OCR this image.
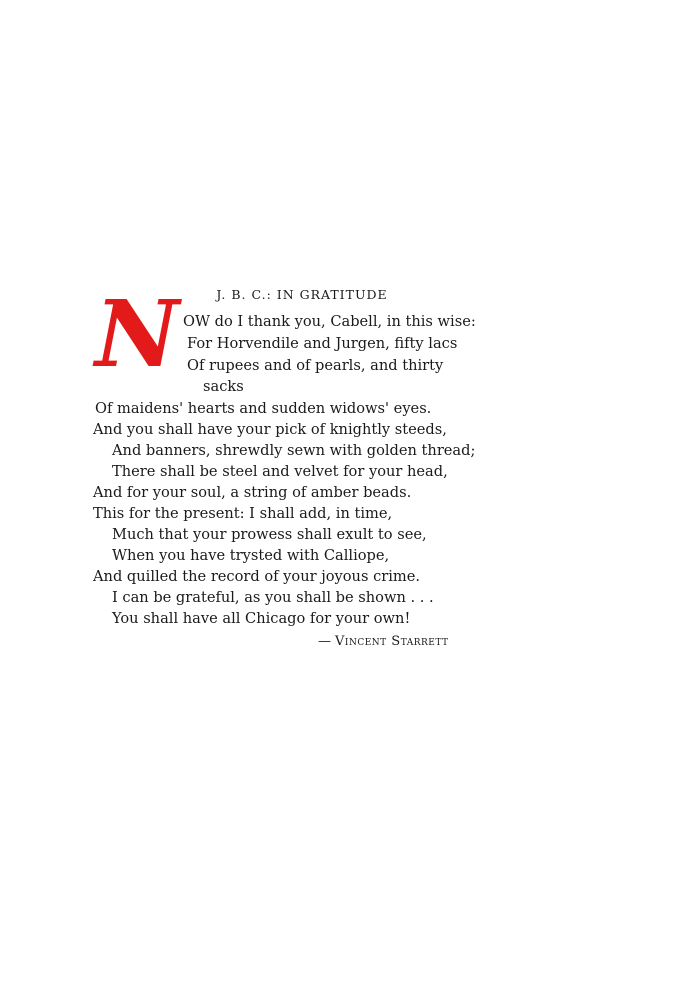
J. B. C.: IN GRATITUDE
N OW do I thank you, Cabell, in this wise:
For Horvendile and Jurgen, fifty lacs
Of rupees and of pearls, and thirty
sacks
Of maidens' hearts and sudden widows' eyes.
And you shall have your pick of knightly steeds,
And banners, shrewdly sewn with golden thread;
There shall be steel and velvet for your head,
And for your soul, a string of amber beads.
This for the present: I shall add, in time,
Much that your prowess shall exult to see,
When you have trysted with Calliope,
And quilled the record of your joyous crime.
I can be grateful, as you shall be shown . . .
You shall have all Chicago for your own!
— Vincent Starrett
